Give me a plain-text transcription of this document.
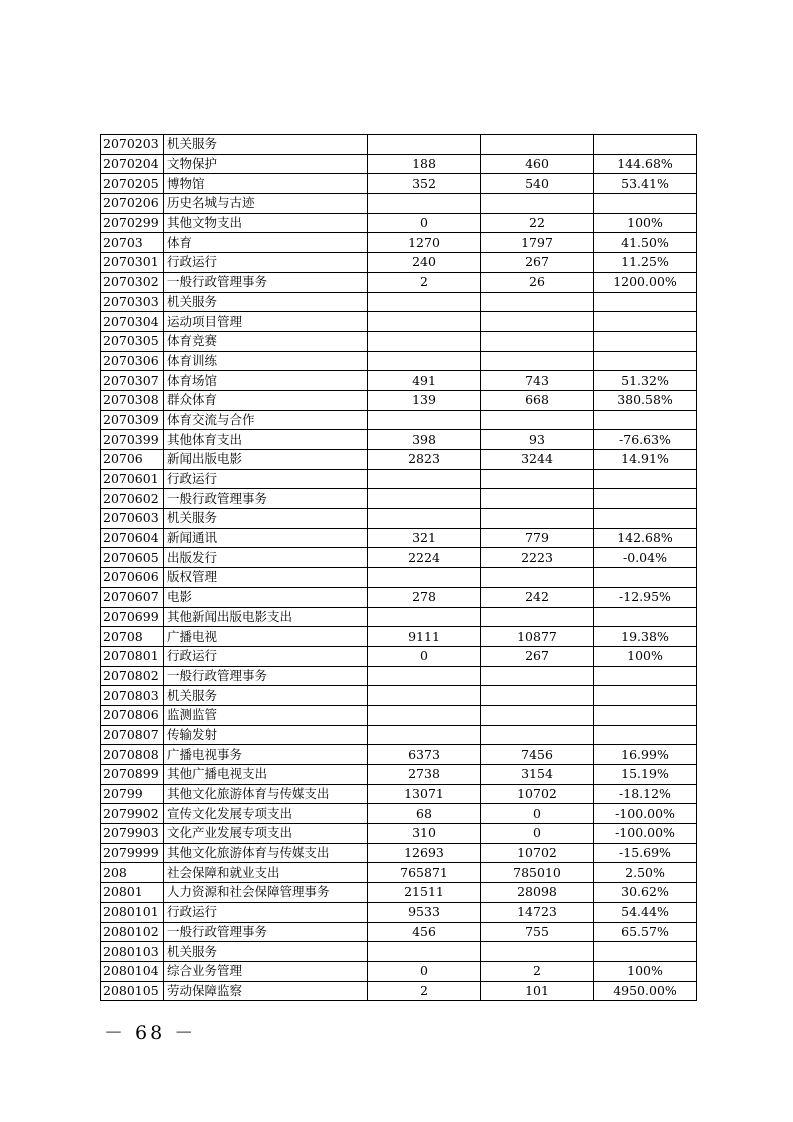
2070203	机关服务			
2070204	文物保护	188	460	144.68%
2070205	博物馆	352	540	53.41%
2070206	历史名城与古迹			
2070299	其他文物支出	0	22	100%
20703	体育	1270	1797	41.50%
2070301	行政运行	240	267	11.25%
2070302	一般行政管理事务	2	26	1200.00%
2070303	机关服务			
2070304	运动项目管理			
2070305	体育竞赛			
2070306	体育训练			
2070307	体育场馆	491	743	51.32%
2070308	群众体育	139	668	380.58%
2070309	体育交流与合作			
2070399	其他体育支出	398	93	-76.63%
20706	新闻出版电影	2823	3244	14.91%
2070601	行政运行			
2070602	一般行政管理事务			
2070603	机关服务			
2070604	新闻通讯	321	779	142.68%
2070605	出版发行	2224	2223	-0.04%
2070606	版权管理			
2070607	电影	278	242	-12.95%
2070699	其他新闻出版电影支出			
20708	广播电视	9111	10877	19.38%
2070801	行政运行	0	267	100%
2070802	一般行政管理事务			
2070803	机关服务			
2070806	监测监管			
2070807	传输发射			
2070808	广播电视事务	6373	7456	16.99%
2070899	其他广播电视支出	2738	3154	15.19%
20799	其他文化旅游体育与传媒支出	13071	10702	-18.12%
2079902	宣传文化发展专项支出	68	0	-100.00%
2079903	文化产业发展专项支出	310	0	-100.00%
2079999	其他文化旅游体育与传媒支出	12693	10702	-15.69%
208	社会保障和就业支出	765871	785010	2.50%
20801	人力资源和社会保障管理事务	21511	28098	30.62%
2080101	行政运行	9533	14723	54.44%
2080102	一般行政管理事务	456	755	65.57%
2080103	机关服务			
2080104	综合业务管理	0	2	100%
2080105	劳动保障监察	2	101	4950.00%
－ 68 －
